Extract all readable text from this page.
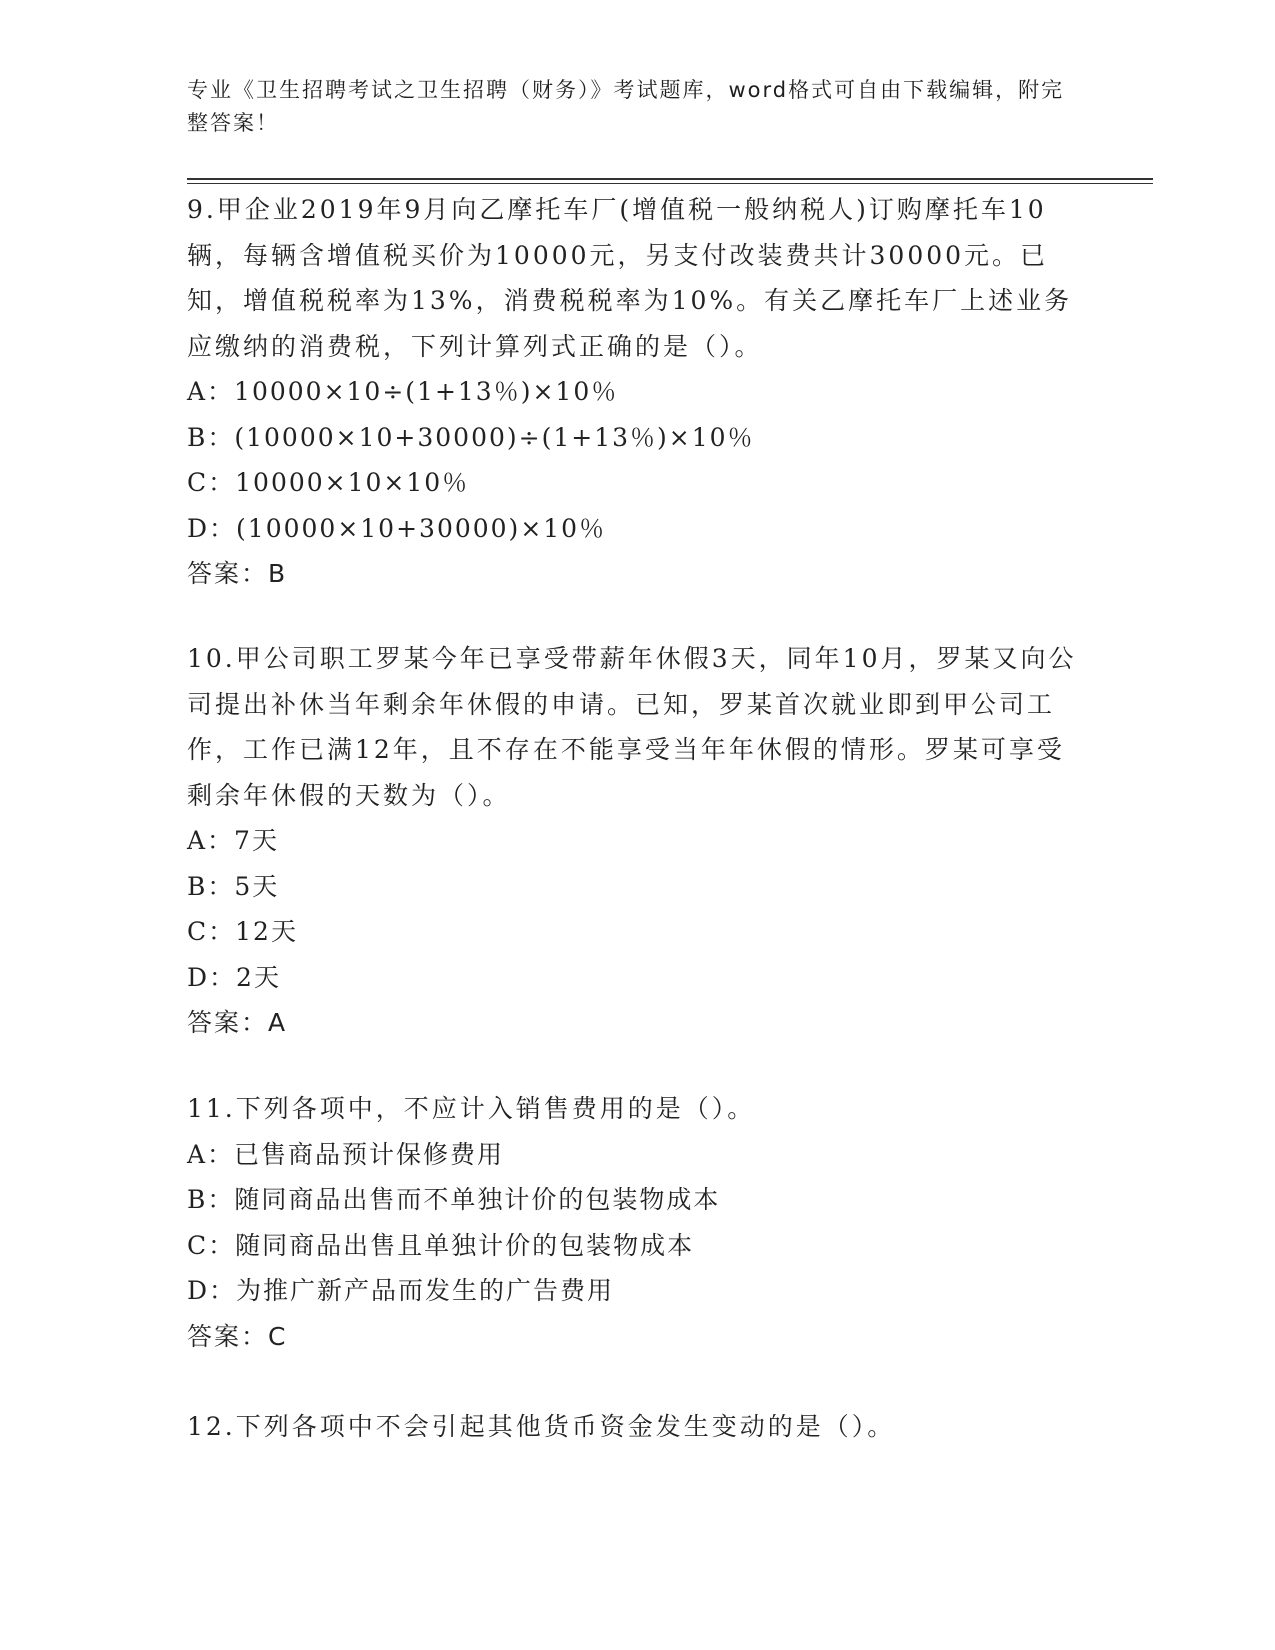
专业《卫生招聘考试之卫生招聘（财务）》考试题库，word格式可自由下载编辑，附完整答案！
9.甲企业2019年9月向乙摩托车厂(增值税一般纳税人)订购摩托车10辆，每辆含增值税买价为10000元，另支付改装费共计30000元。已知，增值税税率为13%，消费税税率为10%。有关乙摩托车厂上述业务应缴纳的消费税，下列计算列式正确的是（）。
A：10000×10÷(1+13％)×10％
B：(10000×10+30000)÷(1+13％)×10％
C：10000×10×10％
D：(10000×10+30000)×10％
答案：B
10.甲公司职工罗某今年已享受带薪年休假3天，同年10月，罗某又向公司提出补休当年剩余年休假的申请。已知，罗某首次就业即到甲公司工作，工作已满12年，且不存在不能享受当年年休假的情形。罗某可享受剩余年休假的天数为（）。
A：7天
B：5天
C：12天
D：2天
答案：A
11.下列各项中，不应计入销售费用的是（）。
A：已售商品预计保修费用
B：随同商品出售而不单独计价的包装物成本
C：随同商品出售且单独计价的包装物成本
D：为推广新产品而发生的广告费用
答案：C
12.下列各项中不会引起其他货币资金发生变动的是（）。
